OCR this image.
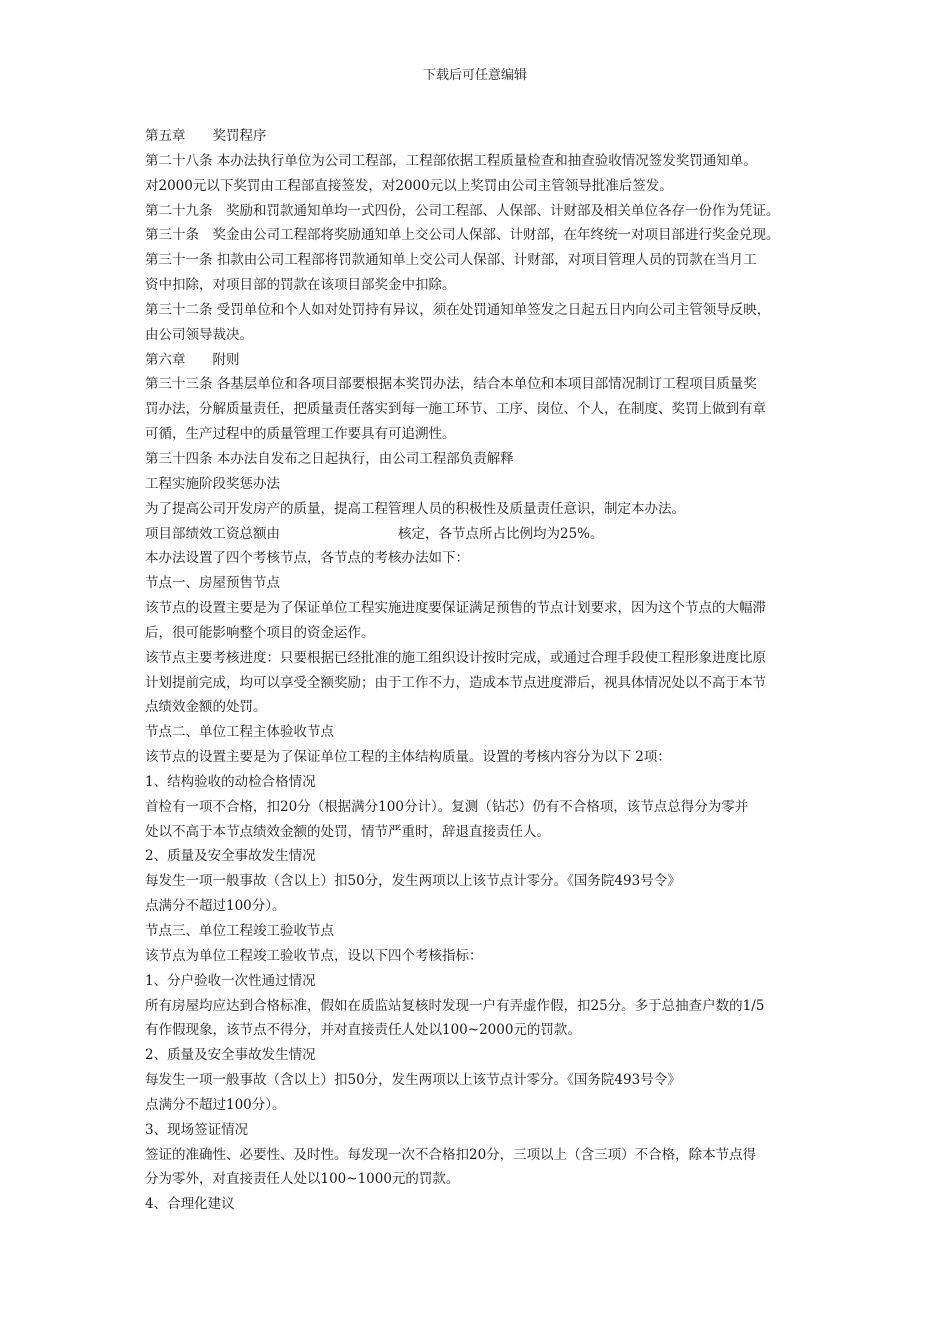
下载后可任意编辑
第五章　　奖罚程序
第二十八条 本办法执行单位为公司工程部，工程部依据工程质量检查和抽查验收情况签发奖罚通知单。
对2000元以下奖罚由工程部直接签发，对2000元以上奖罚由公司主管领导批准后签发。
第二十九条　奖励和罚款通知单均一式四份，公司工程部、人保部、计财部及相关单位各存一份作为凭证。
第三十条　奖金由公司工程部将奖励通知单上交公司人保部、计财部，在年终统一对项目部进行奖金兑现。
第三十一条 扣款由公司工程部将罚款通知单上交公司人保部、计财部，对项目管理人员的罚款在当月工
资中扣除，对项目部的罚款在该项目部奖金中扣除。
第三十二条 受罚单位和个人如对处罚持有异议，须在处罚通知单签发之日起五日内向公司主管领导反映，
由公司领导裁决。
第六章　　附则
第三十三条 各基层单位和各项目部要根据本奖罚办法，结合本单位和本项目部情况制订工程项目质量奖
罚办法，分解质量责任，把质量责任落实到每一施工环节、工序、岗位、个人，在制度、奖罚上做到有章
可循，生产过程中的质量管理工作要具有可追溯性。
第三十四条 本办法自发布之日起执行，由公司工程部负责解释
工程实施阶段奖惩办法
为了提高公司开发房产的质量，提高工程管理人员的积极性及质量责任意识，制定本办法。
项目部绩效工资总额由	核定，各节点所占比例均为25%。
本办法设置了四个考核节点，各节点的考核办法如下：
节点一、房屋预售节点
该节点的设置主要是为了保证单位工程实施进度要保证满足预售的节点计划要求，因为这个节点的大幅滞
后，很可能影响整个项目的资金运作。
该节点主要考核进度：只要根据已经批准的施工组织设计按时完成，或通过合理手段使工程形象进度比原
计划提前完成，均可以享受全额奖励；由于工作不力，造成本节点进度滞后，视具体情况处以不高于本节
点绩效金额的处罚。
节点二、单位工程主体验收节点
该节点的设置主要是为了保证单位工程的主体结构质量。设置的考核内容分为以下 2项：
1、结构验收的动检合格情况
首检有一项不合格，扣20分（根据满分100分计）。复测（钻芯）仍有不合格项，该节点总得分为零并
处以不高于本节点绩效金额的处罚，情节严重时，辞退直接责任人。
2、质量及安全事故发生情况
每发生一项一般事故（含以上）扣50分，发生两项以上该节点计零分。《国务院493号令》
点满分不超过100分）。
节点三、单位工程竣工验收节点
该节点为单位工程竣工验收节点，设以下四个考核指标：
1、分户验收一次性通过情况
所有房屋均应达到合格标准，假如在质监站复核时发现一户有弄虚作假，扣25分。多于总抽查户数的1/5
有作假现象，该节点不得分，并对直接责任人处以100~2000元的罚款。
2、质量及安全事故发生情况
每发生一项一般事故（含以上）扣50分，发生两项以上该节点计零分。《国务院493号令》
点满分不超过100分）。
3、现场签证情况
签证的准确性、必要性、及时性。每发现一次不合格扣20分，三项以上（含三项）不合格，除本节点得
分为零外，对直接责任人处以100~1000元的罚款。
4、合理化建议
